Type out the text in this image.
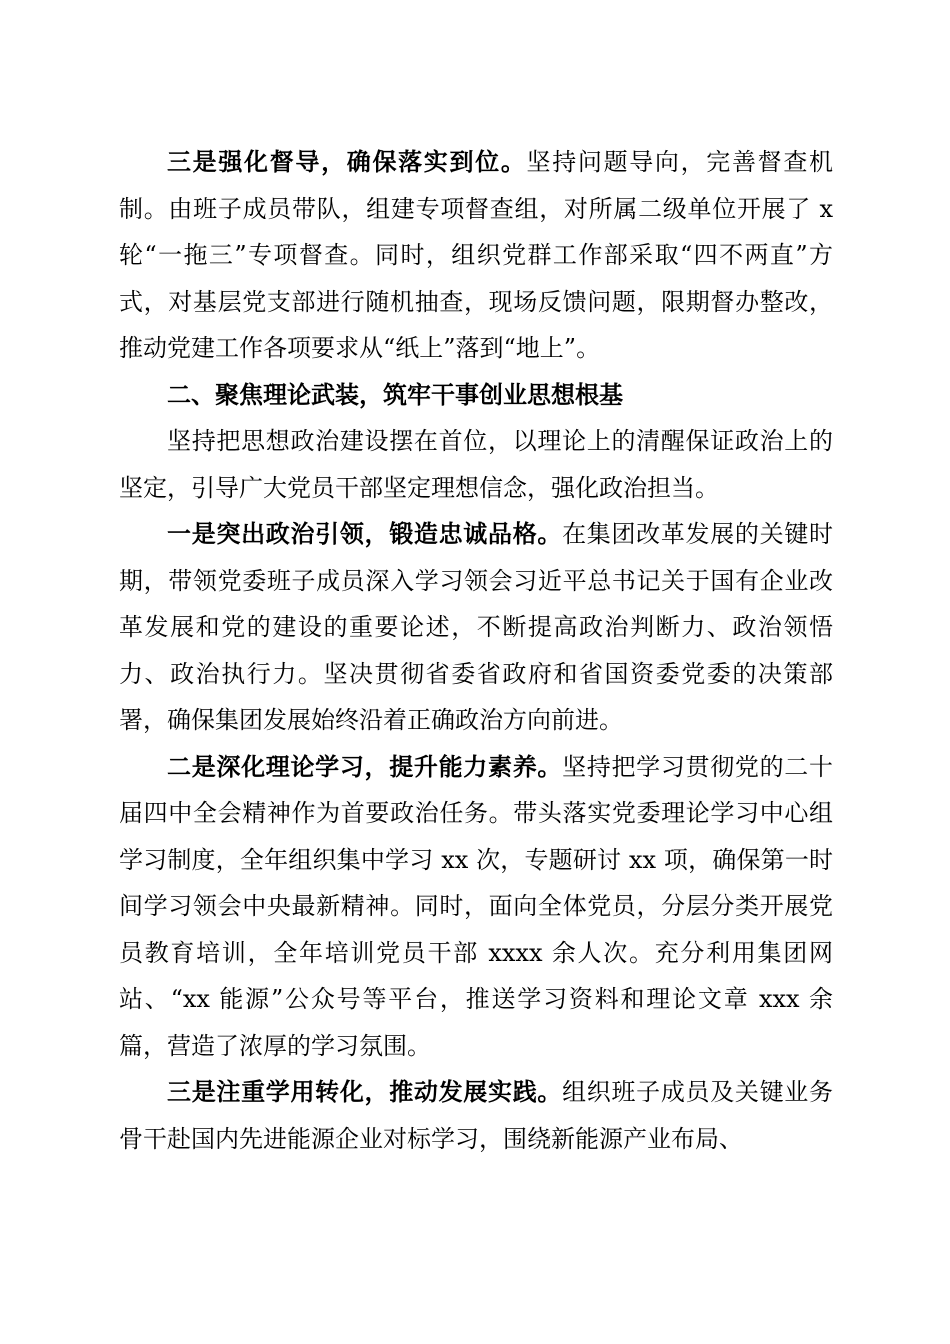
三是强化督导，确保落实到位。坚持问题导向，完善督查机制。由班子成员带队，组建专项督查组，对所属二级单位开展了 x 轮“一拖三”专项督查。同时，组织党群工作部采取“四不两直”方式，对基层党支部进行随机抽查，现场反馈问题，限期督办整改，推动党建工作各项要求从“纸上”落到“地上”。

二、聚焦理论武装，筑牢干事创业思想根基

坚持把思想政治建设摆在首位，以理论上的清醒保证政治上的坚定，引导广大党员干部坚定理想信念，强化政治担当。

一是突出政治引领，锻造忠诚品格。在集团改革发展的关键时期，带领党委班子成员深入学习领会习近平总书记关于国有企业改革发展和党的建设的重要论述，不断提高政治判断力、政治领悟力、政治执行力。坚决贯彻省委省政府和省国资委党委的决策部署，确保集团发展始终沿着正确政治方向前进。

二是深化理论学习，提升能力素养。坚持把学习贯彻党的二十届四中全会精神作为首要政治任务。带头落实党委理论学习中心组学习制度，全年组织集中学习 xx 次，专题研讨 xx 项，确保第一时间学习领会中央最新精神。同时，面向全体党员，分层分类开展党员教育培训，全年培训党员干部 xxxx 余人次。充分利用集团网站、“xx 能源”公众号等平台，推送学习资料和理论文章 xxx 余篇，营造了浓厚的学习氛围。

三是注重学用转化，推动发展实践。组织班子成员及关键业务骨干赴国内先进能源企业对标学习，围绕新能源产业布局、
